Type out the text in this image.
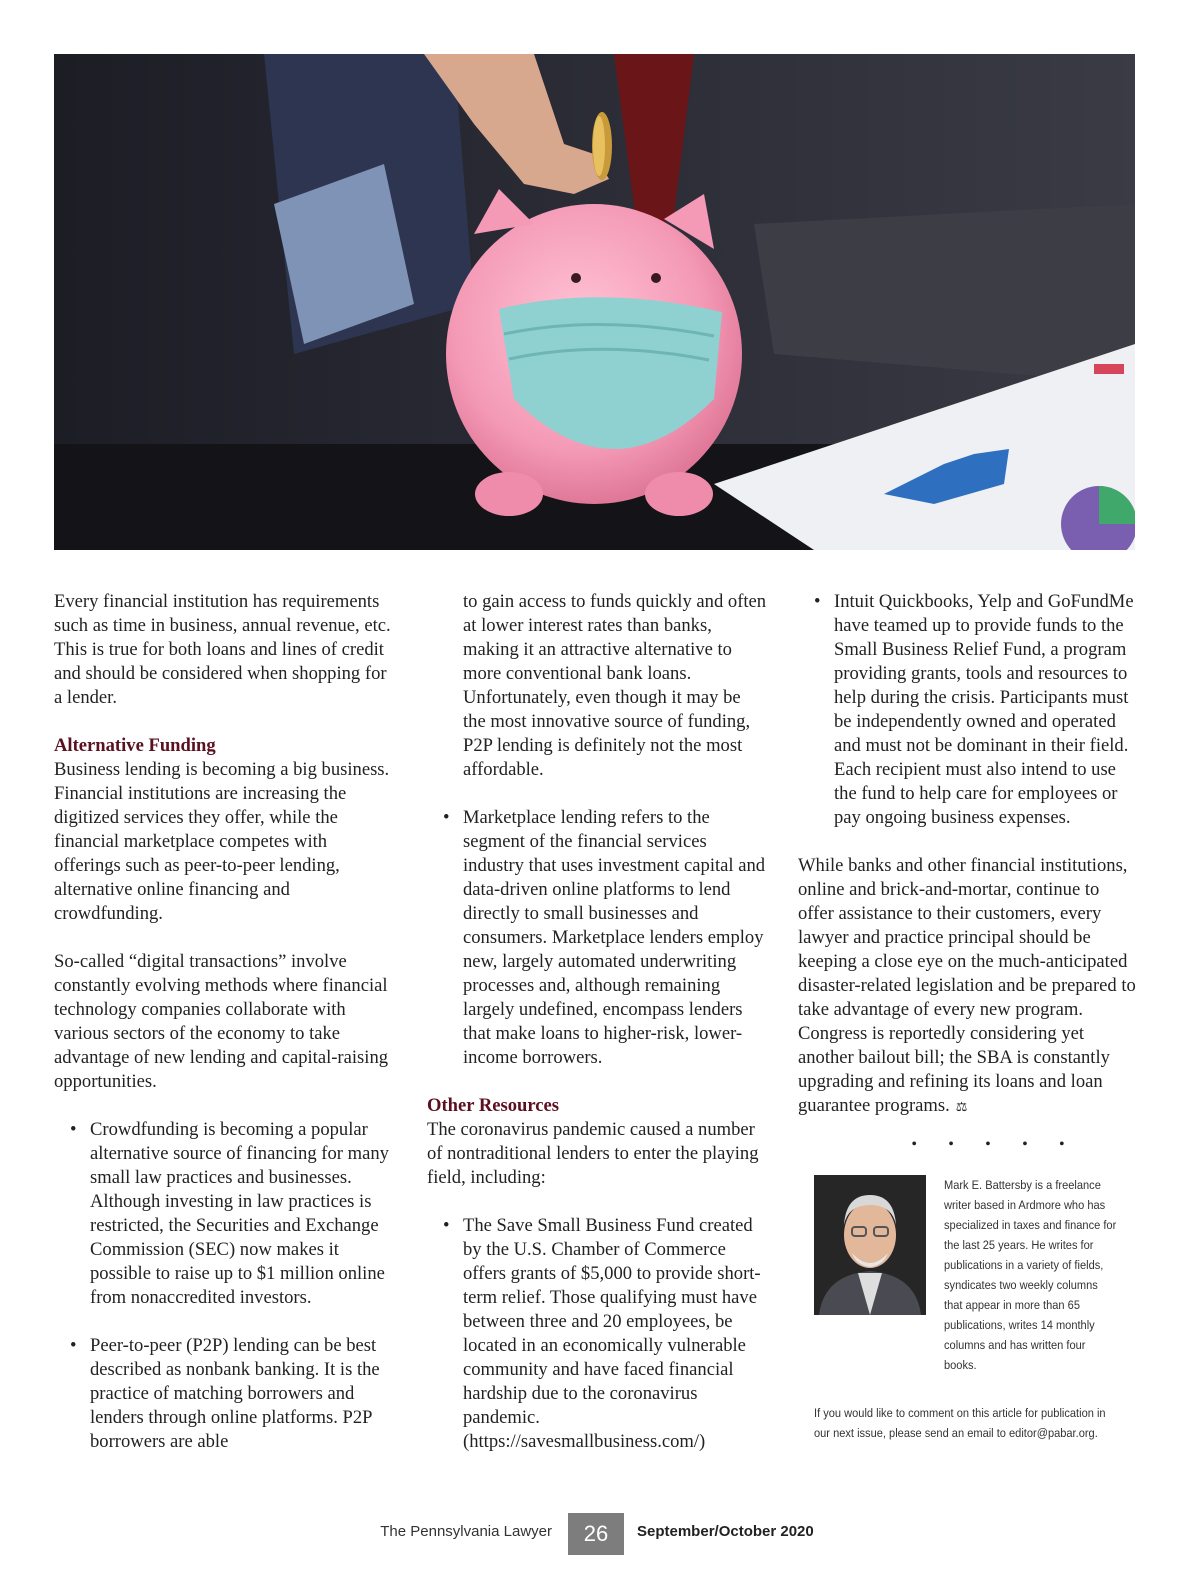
Every financial institution has requirements such as time in business, annual revenue, etc. This is true for both loans and lines of credit and should be considered when shopping for a lender.

Alternative Funding

Business lending is becoming a big business. Financial institutions are increasing the digitized services they offer, while the financial marketplace competes with offerings such as peer-to-peer lending, alternative online financing and crowdfunding.

So-called “digital transactions” involve constantly evolving methods where financial technology companies collaborate with various sectors of the economy to take advantage of new lending and capital-raising opportunities.

• Crowdfunding is becoming a popular alternative source of financing for many small law practices and businesses. Although investing in law practices is restricted, the Securities and Exchange Commission (SEC) now makes it possible to raise up to $1 million online from nonaccredited investors.
• Peer-to-peer (P2P) lending can be best described as nonbank banking. It is the practice of matching borrowers and lenders through online platforms. P2P borrowers are able

to gain access to funds quickly and often at lower interest rates than banks, making it an attractive alternative to more conventional bank loans. Unfortunately, even though it may be the most innovative source of funding, P2P lending is definitely not the most affordable.

• Marketplace lending refers to the segment of the financial services industry that uses investment capital and data-driven online platforms to lend directly to small businesses and consumers. Marketplace lenders employ new, largely automated underwriting processes and, although remaining largely undefined, encompass lenders that make loans to higher-risk, lower-income borrowers.
Other Resources

The coronavirus pandemic caused a number of nontraditional lenders to enter the playing field, including:

• The Save Small Business Fund created by the U.S. Chamber of Commerce offers grants of $5,000 to provide short-term relief. Those qualifying must have between three and 20 employees, be located in an economically vulnerable community and have faced financial hardship due to the coronavirus pandemic. (https://savesmallbusiness.com/)
• Intuit Quickbooks, Yelp and GoFundMe have teamed up to provide funds to the Small Business Relief Fund, a program providing grants, tools and resources to help during the crisis. Participants must be independently owned and operated and must not be dominant in their field. Each recipient must also intend to use the fund to help care for employees or pay ongoing business expenses.

While banks and other financial institutions, online and brick-and-mortar, continue to offer assistance to their customers, every lawyer and practice principal should be keeping a close eye on the much-anticipated disaster-related legislation and be prepared to take advantage of every new program. Congress is reportedly considering yet another bailout bill; the SBA is constantly upgrading and refining its loans and loan guarantee programs. ⚖

• • • • •
Mark E. Battersby is a freelance writer based in Ardmore who has specialized in taxes and finance for the last 25 years. He writes for publications in a variety of fields, syndicates two weekly columns that appear in more than 65 publications, writes 14 monthly columns and has written four books.
If you would like to comment on this article for publication in our next issue, please send an email to editor@pabar.org.
The Pennsylvania Lawyer	26	September/October 2020
